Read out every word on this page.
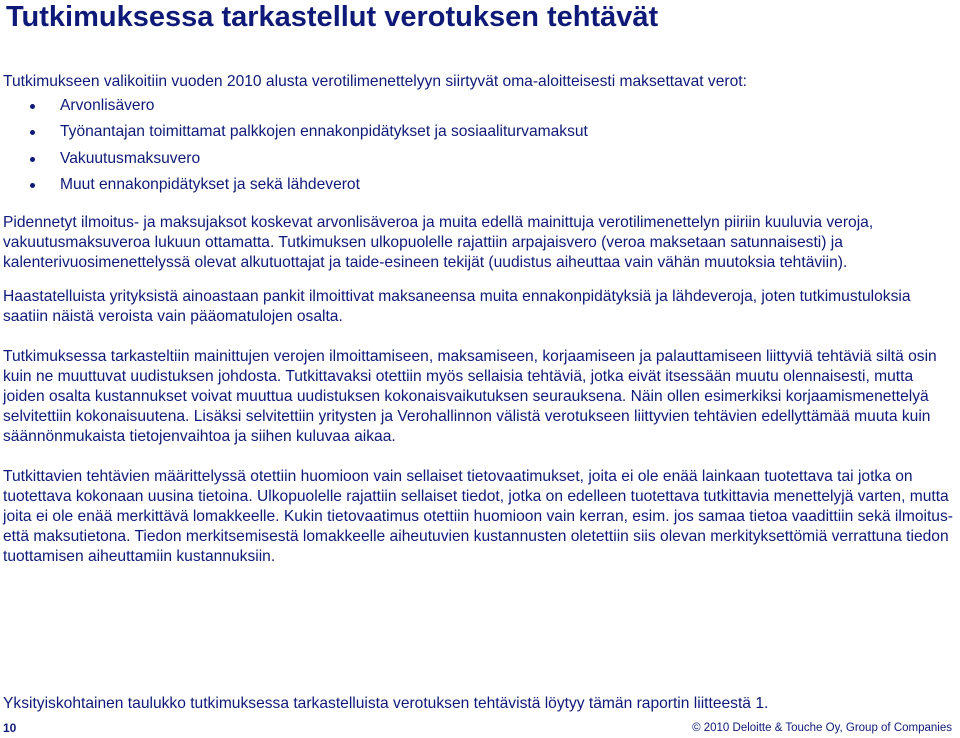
Tutkimuksessa tarkastellut verotuksen tehtävät

Tutkimukseen valikoitiin vuoden 2010 alusta verotilimenettelyyn siirtyvät oma-aloitteisesti maksettavat verot:

Arvonlisävero
Työnantajan toimittamat palkkojen ennakonpidätykset ja sosiaaliturvamaksut
Vakuutusmaksuvero
Muut ennakonpidätykset ja sekä lähdeverot

Pidennetyt ilmoitus- ja maksujaksot koskevat arvonlisäveroa ja muita edellä mainittuja verotilimenettelyn piiriin kuuluvia veroja, vakuutusmaksuveroa lukuun ottamatta. Tutkimuksen ulkopuolelle rajattiin arpajaisvero (veroa maksetaan satunnaisesti) ja kalenterivuosimenettelyssä olevat alkutuottajat ja taide-esineen tekijät (uudistus aiheuttaa vain vähän muutoksia tehtäviin).

Haastatelluista yrityksistä ainoastaan pankit ilmoittivat maksaneensa muita ennakonpidätyksiä ja lähdeveroja, joten tutkimustuloksia saatiin näistä veroista vain pääomatulojen osalta.

Tutkimuksessa tarkasteltiin mainittujen verojen ilmoittamiseen, maksamiseen, korjaamiseen ja palauttamiseen liittyviä tehtäviä siltä osin kuin ne muuttuvat uudistuksen johdosta. Tutkittavaksi otettiin myös sellaisia tehtäviä, jotka eivät itsessään muutu olennaisesti, mutta joiden osalta kustannukset voivat muuttua uudistuksen kokonaisvaikutuksen seurauksena. Näin ollen esimerkiksi korjaamismenettelyä selvitettiin kokonaisuutena. Lisäksi selvitettiin yritysten ja Verohallinnon välistä verotukseen liittyvien tehtävien edellyttämää muuta kuin säännönmukaista tietojenvaihtoa ja siihen kuluvaa aikaa.

Tutkittavien tehtävien määrittelyssä otettiin huomioon vain sellaiset tietovaatimukset, joita ei ole enää lainkaan tuotettava tai jotka on tuotettava kokonaan uusina tietoina. Ulkopuolelle rajattiin sellaiset tiedot, jotka on edelleen tuotettava tutkittavia menettelyjä varten, mutta joita ei ole enää merkittävä lomakkeelle. Kukin tietovaatimus otettiin huomioon vain kerran, esim. jos samaa tietoa vaadittiin sekä ilmoitus- että maksutietona. Tiedon merkitsemisestä lomakkeelle aiheutuvien kustannusten oletettiin siis olevan merkityksettömiä verrattuna tiedon tuottamisen aiheuttamiin kustannuksiin.

Yksityiskohtainen taulukko tutkimuksessa tarkastelluista verotuksen tehtävistä löytyy tämän raportin liitteestä 1.

10	© 2010 Deloitte & Touche Oy, Group of Companies
